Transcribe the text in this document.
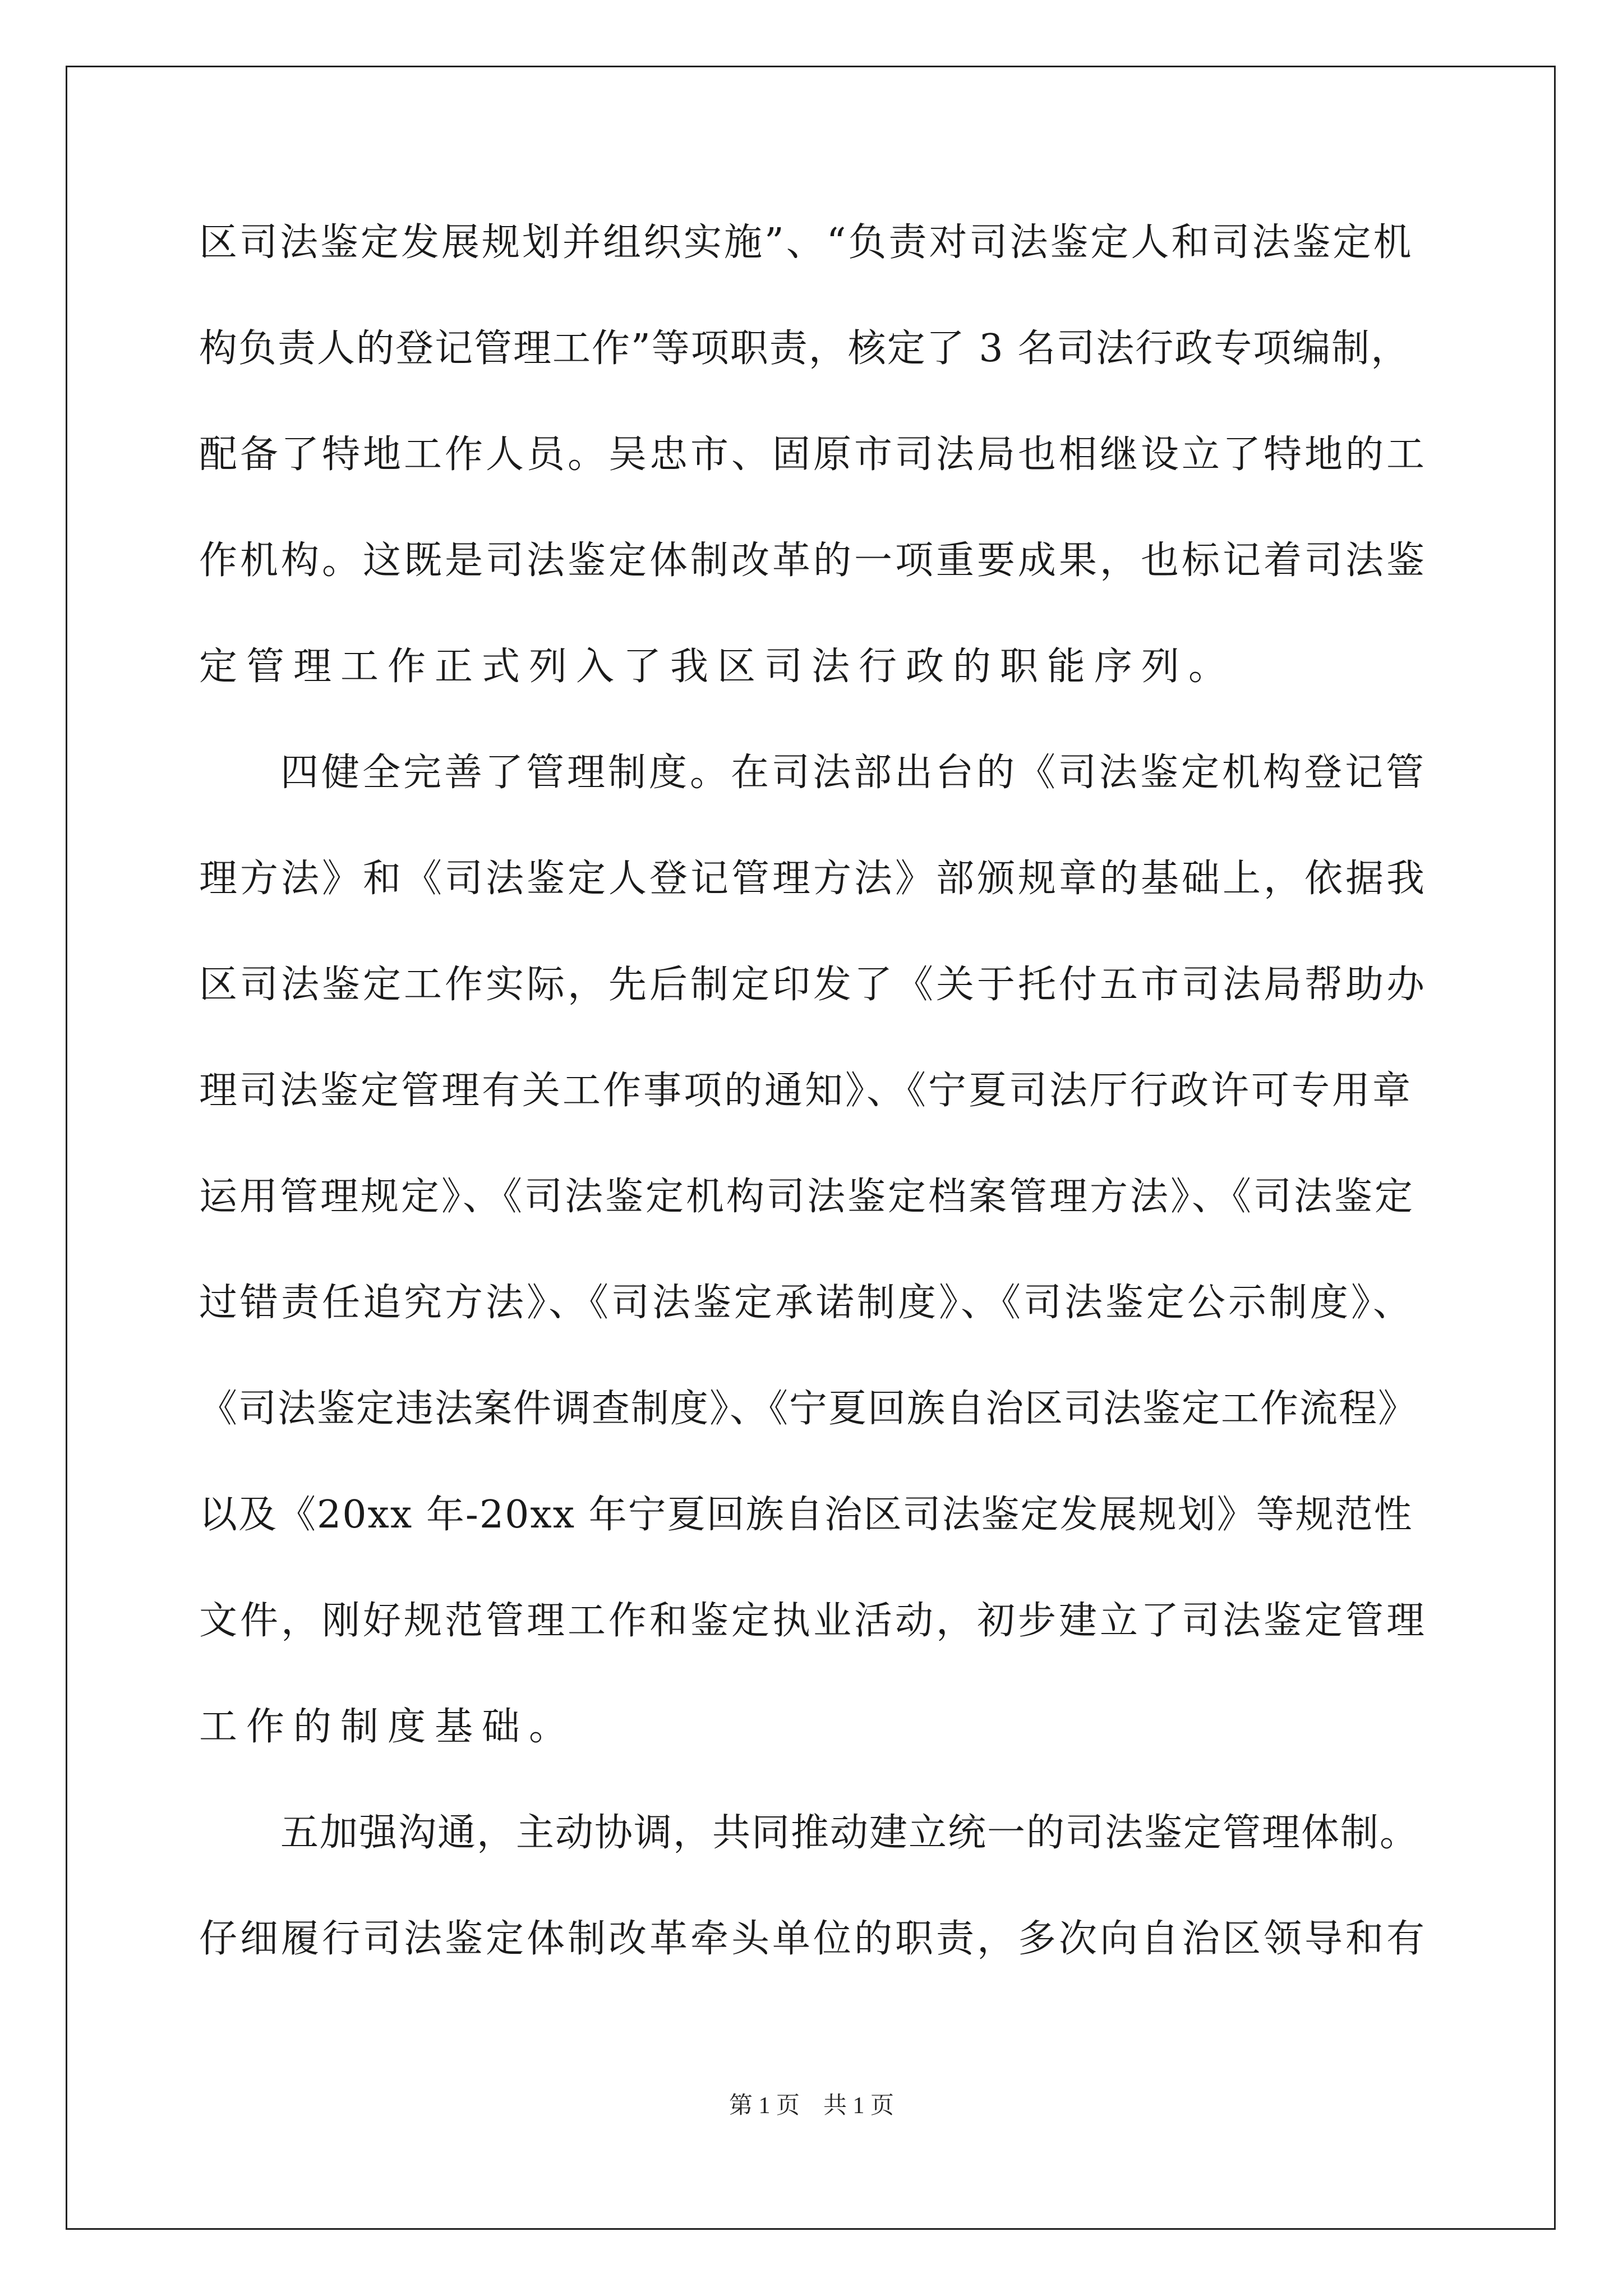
区司法鉴定发展规划并组织实施”、“负责对司法鉴定人和司法鉴定机
构负责人的登记管理工作”等项职责，核定了 3 名司法行政专项编制，
配备了特地工作人员。吴忠市、固原市司法局也相继设立了特地的工
作机构。这既是司法鉴定体制改革的一项重要成果，也标记着司法鉴
定管理工作正式列入了我区司法行政的职能序列。
四健全完善了管理制度。在司法部出台的《司法鉴定机构登记管
理方法》和《司法鉴定人登记管理方法》部颁规章的基础上，依据我
区司法鉴定工作实际，先后制定印发了《关于托付五市司法局帮助办
理司法鉴定管理有关工作事项的通知》、《宁夏司法厅行政许可专用章
运用管理规定》、《司法鉴定机构司法鉴定档案管理方法》、《司法鉴定
过错责任追究方法》、《司法鉴定承诺制度》、《司法鉴定公示制度》、
《司法鉴定违法案件调查制度》、《宁夏回族自治区司法鉴定工作流程》
以及《20xx 年-20xx 年宁夏回族自治区司法鉴定发展规划》等规范性
文件，刚好规范管理工作和鉴定执业活动，初步建立了司法鉴定管理
工作的制度基础。
五加强沟通，主动协调，共同推动建立统一的司法鉴定管理体制。
仔细履行司法鉴定体制改革牵头单位的职责，多次向自治区领导和有
第 1 页    共 1 页
